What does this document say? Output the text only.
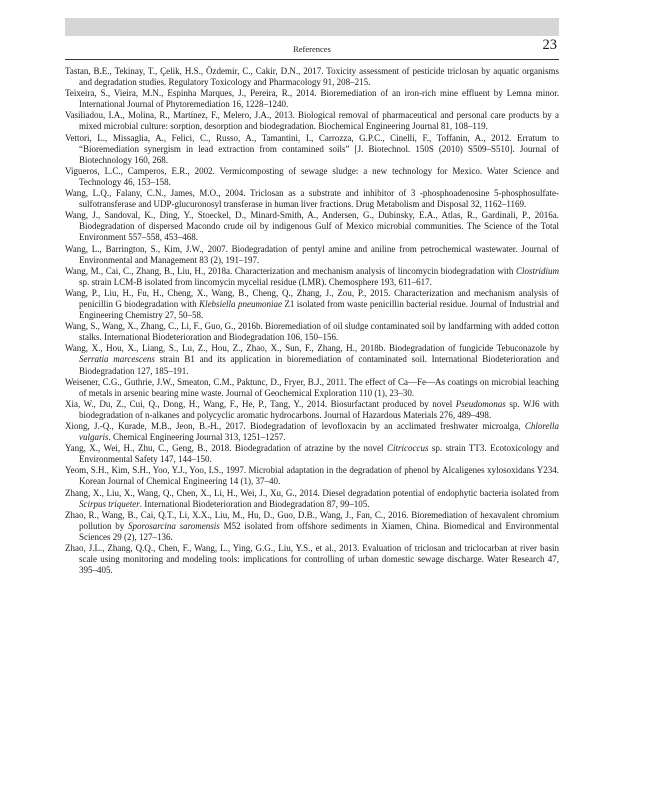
References	23
Tastan, B.E., Tekinay, T., Çelik, H.S., Özdemir, C., Cakir, D.N., 2017. Toxicity assessment of pesticide triclosan by aquatic organisms and degradation studies. Regulatory Toxicology and Pharmacology 91, 208–215.
Teixeira, S., Vieira, M.N., Espinha Marques, J., Pereira, R., 2014. Bioremediation of an iron-rich mine effluent by Lemna minor. International Journal of Phytoremediation 16, 1228–1240.
Vasiliadou, I.A., Molina, R., Martínez, F., Melero, J.A., 2013. Biological removal of pharmaceutical and personal care products by a mixed microbial culture: sorption, desorption and biodegradation. Biochemical Engineering Journal 81, 108–119.
Vettori, L., Missaglia, A., Felici, C., Russo, A., Tamantini, I., Carrozza, G.P.C., Cinelli, F., Toffanin, A., 2012. Erratum to “Bioremediation synergism in lead extraction from contamined soils” [J. Biotechnol. 150S (2010) S509–S510]. Journal of Biotechnology 160, 268.
Vigueros, L.C., Camperos, E.R., 2002. Vermicomposting of sewage sludge: a new technology for Mexico. Water Science and Technology 46, 153–158.
Wang, L.Q., Falany, C.N., James, M.O., 2004. Triclosan as a substrate and inhibitor of 3 -phosphoadenosine 5-phosphosulfate-sulfotransferase and UDP-glucuronosyl transferase in human liver fractions. Drug Metabolism and Disposal 32, 1162–1169.
Wang, J., Sandoval, K., Ding, Y., Stoeckel, D., Minard-Smith, A., Andersen, G., Dubinsky, E.A., Atlas, R., Gardinali, P., 2016a. Biodegradation of dispersed Macondo crude oil by indigenous Gulf of Mexico microbial communities. The Science of the Total Environment 557–558, 453–468.
Wang, L., Barrington, S., Kim, J.W., 2007. Biodegradation of pentyl amine and aniline from petrochemical wastewater. Journal of Environmental and Management 83 (2), 191–197.
Wang, M., Cai, C., Zhang, B., Liu, H., 2018a. Characterization and mechanism analysis of lincomycin biodegradation with Clostridium sp. strain LCM-B isolated from lincomycin mycelial residue (LMR). Chemosphere 193, 611–617.
Wang, P., Liu, H., Fu, H., Cheng, X., Wang, B., Cheng, Q., Zhang, J., Zou, P., 2015. Characterization and mechanism analysis of penicillin G biodegradation with Klebsiella pneumoniae Z1 isolated from waste penicillin bacterial residue. Journal of Industrial and Engineering Chemistry 27, 50–58.
Wang, S., Wang, X., Zhang, C., Li, F., Guo, G., 2016b. Bioremediation of oil sludge contaminated soil by landfarming with added cotton stalks. International Biodeterioration and Biodegradation 106, 150–156.
Wang, X., Hou, X., Liang, S., Lu, Z., Hou, Z., Zhao, X., Sun, F., Zhang, H., 2018b. Biodegradation of fungicide Tebuconazole by Serratia marcescens strain B1 and its application in bioremediation of contaminated soil. International Biodeterioration and Biodegradation 127, 185–191.
Weisener, C.G., Guthrie, J.W., Smeaton, C.M., Paktunc, D., Fryer, B.J., 2011. The effect of Ca—Fe—As coatings on microbial leaching of metals in arsenic bearing mine waste. Journal of Geochemical Exploration 110 (1), 23–30.
Xia, W., Du, Z., Cui, Q., Dong, H., Wang, F., He, P., Tang, Y., 2014. Biosurfactant produced by novel Pseudomonas sp. WJ6 with biodegradation of n-alkanes and polycyclic aromatic hydrocarbons. Journal of Hazardous Materials 276, 489–498.
Xiong, J.-Q., Kurade, M.B., Jeon, B.-H., 2017. Biodegradation of levofloxacin by an acclimated freshwater microalga, Chlorella vulgaris. Chemical Engineering Journal 313, 1251–1257.
Yang, X., Wei, H., Zhu, C., Geng, B., 2018. Biodegradation of atrazine by the novel Citricoccus sp. strain TT3. Ecotoxicology and Environmental Safety 147, 144–150.
Yeom, S.H., Kim, S.H., Yoo, Y.J., Yoo, I.S., 1997. Microbial adaptation in the degradation of phenol by Alcaligenes xylosoxidans Y234. Korean Journal of Chemical Engineering 14 (1), 37–40.
Zhang, X., Liu, X., Wang, Q., Chen, X., Li, H., Wei, J., Xu, G., 2014. Diesel degradation potential of endophytic bacteria isolated from Scirpus triqueter. International Biodeterioration and Biodegradation 87, 99–105.
Zhao, R., Wang, B., Cai, Q.T., Li, X.X., Liu, M., Hu, D., Guo, D.B., Wang, J., Fan, C., 2016. Bioremediation of hexavalent chromium pollution by Sporosarcina saromensis M52 isolated from offshore sediments in Xiamen, China. Biomedical and Environmental Sciences 29 (2), 127–136.
Zhao, J.L., Zhang, Q.Q., Chen, F., Wang, L., Ying, G.G., Liu, Y.S., et al., 2013. Evaluation of triclosan and triclocarban at river basin scale using monitoring and modeling tools: implications for controlling of urban domestic sewage discharge. Water Research 47, 395–405.
